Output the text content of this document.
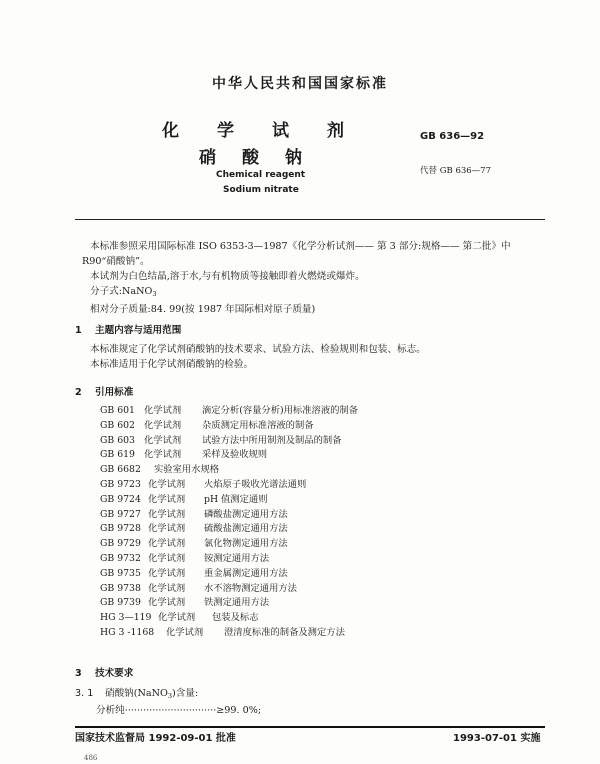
中华人民共和国国家标准
化学试剂
硝酸钠
GB 636—92
代替 GB 636—77
Chemical reagent
Sodium nitrate
本标准参照采用国际标准 ISO 6353-3—1987《化学分析试剂—— 第 3 部分:规格—— 第二批》中
R90“硝酸钠”。
本试剂为白色结晶,溶于水,与有机物质等接触即着火燃烧或爆炸。
分子式:NaNO$_3$
相对分子质量:84. 99(按 1987 年国际相对原子质量)
1 主题内容与适用范围
本标准规定了化学试剂硝酸钠的技术要求、试验方法、检验规则和包装、标志。
本标准适用于化学试剂硝酸钠的检验。
2 引用标准
GB 601 化学试剂 滴定分析(容量分析)用标准溶液的制备
GB 602 化学试剂 杂质测定用标准溶液的制备
GB 603 化学试剂 试验方法中所用制剂及制品的制备
GB 619 化学试剂 采样及验收规则
GB 6682 实验室用水规格
GB 9723 化学试剂 火焰原子吸收光谱法通则
GB 9724 化学试剂 pH 值测定通则
GB 9727 化学试剂 磷酸盐测定通用方法
GB 9728 化学试剂 硫酸盐测定通用方法
GB 9729 化学试剂 氯化物测定通用方法
GB 9732 化学试剂 铵测定通用方法
GB 9735 化学试剂 重金属测定通用方法
GB 9738 化学试剂 水不溶物测定通用方法
GB 9739 化学试剂 铁测定通用方法
HG 3—119 化学试剂 包装及标志
HG 3 -1168 化学试剂 澄清度标准的制备及测定方法
3 技术要求
3. 1 硝酸钠(NaNO$_3$)含量:
分析纯······························≥99. 0%;
国家技术监督局 1992-09-01 批准	1993-07-01 实施
486
